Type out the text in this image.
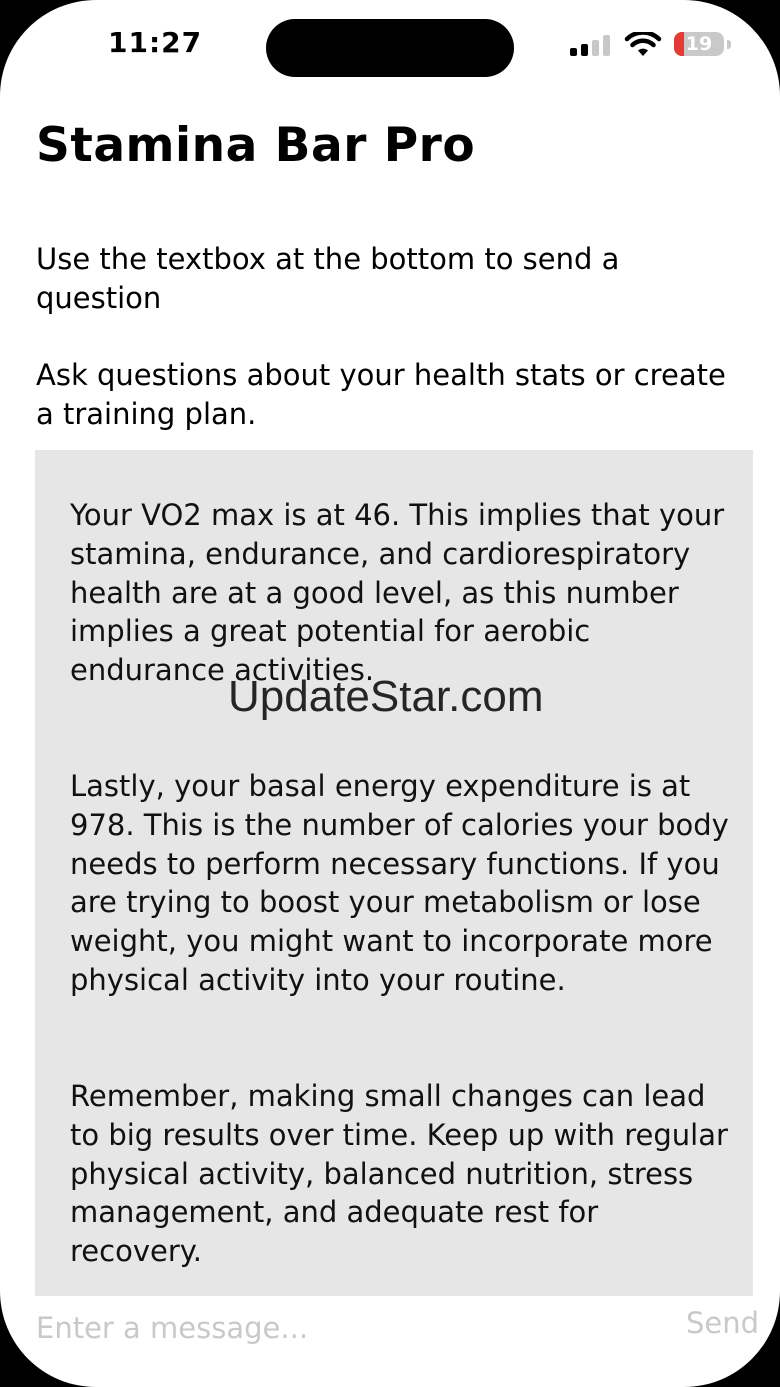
11:27	19
Stamina Bar Pro

Use the textbox at the bottom to send a question

Ask questions about your health stats or create a training plan.

Your VO2 max is at 46. This implies that your stamina, endurance, and cardiorespiratory health are at a good level, as this number implies a great potential for aerobic endurance activities.

Lastly, your basal energy expenditure is at 978. This is the number of calories your body needs to perform necessary functions. If you are trying to boost your metabolism or lose weight, you might want to incorporate more physical activity into your routine.

Remember, making small changes can lead to big results over time. Keep up with regular physical activity, balanced nutrition, stress management, and adequate rest for recovery.

UpdateStar.com
Enter a message...
Send
